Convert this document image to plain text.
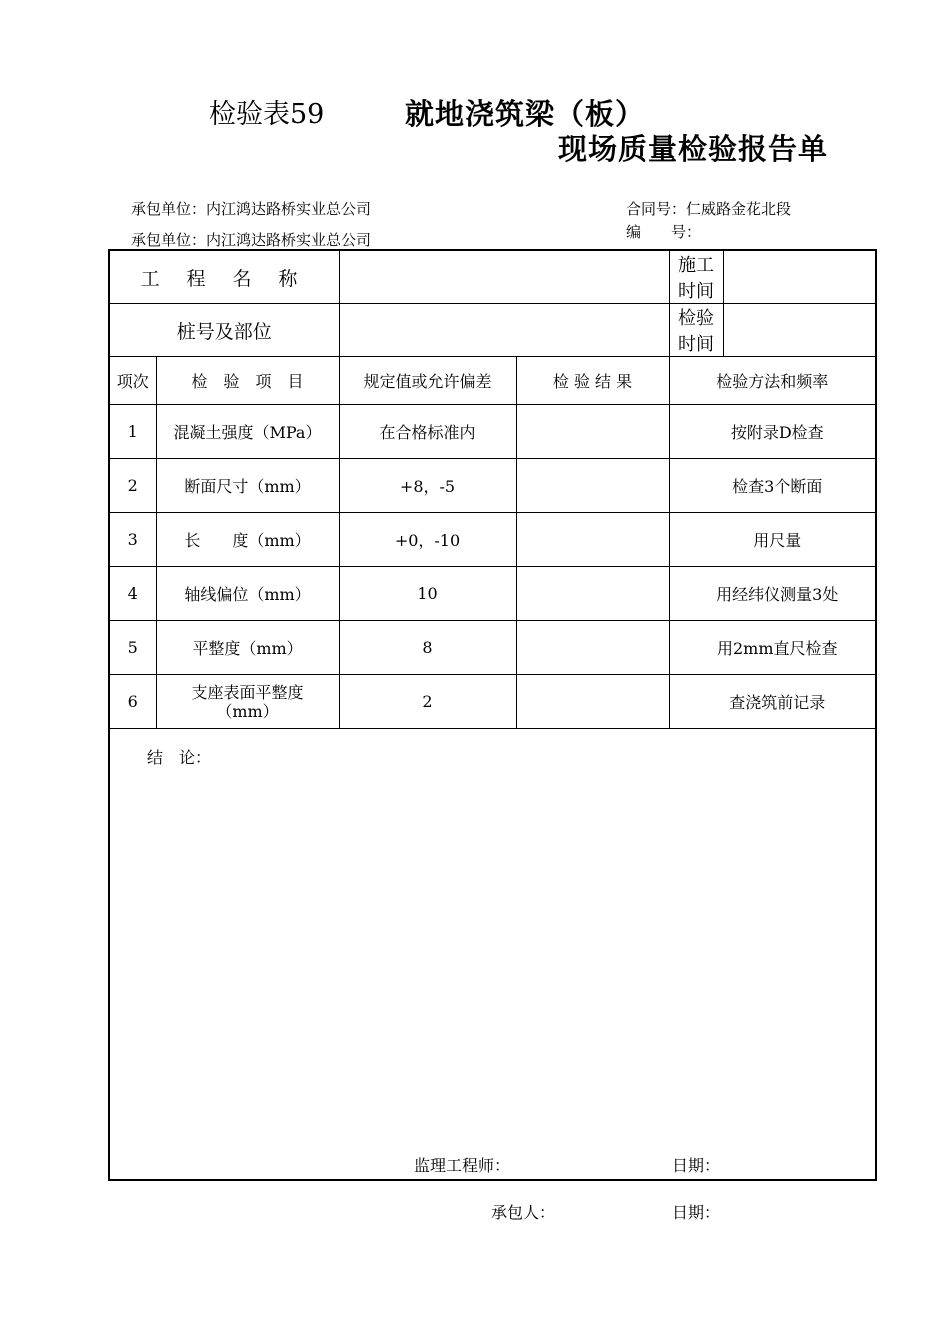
检验表59	就地浇筑梁（板）
现场质量检验报告单
承包单位：内江鸿达路桥实业总公司
承包单位：内江鸿达路桥实业总公司
合同号：仁威路金花北段
编　　号：
工 程 名 称				施工时间	
桩号及部位				检验时间	
项次	检　验　项　目	规定值或允许偏差	检 验 结 果	检验方法和频率	
1	混凝土强度（MPa）	在合格标准内		按附录D检查	
2	断面尺寸（mm）	+8，-5		检查3个断面	
3	长　　度（mm）	+0，-10		用尺量	
4	轴线偏位（mm）	10		用经纬仪测量3处	
5	平整度（mm）	8		用2mm直尺检查	
6	支座表面平整度（mm）	2		查浇筑前记录	
结　论：
监理工程师：	日期：
承包人：	日期：
